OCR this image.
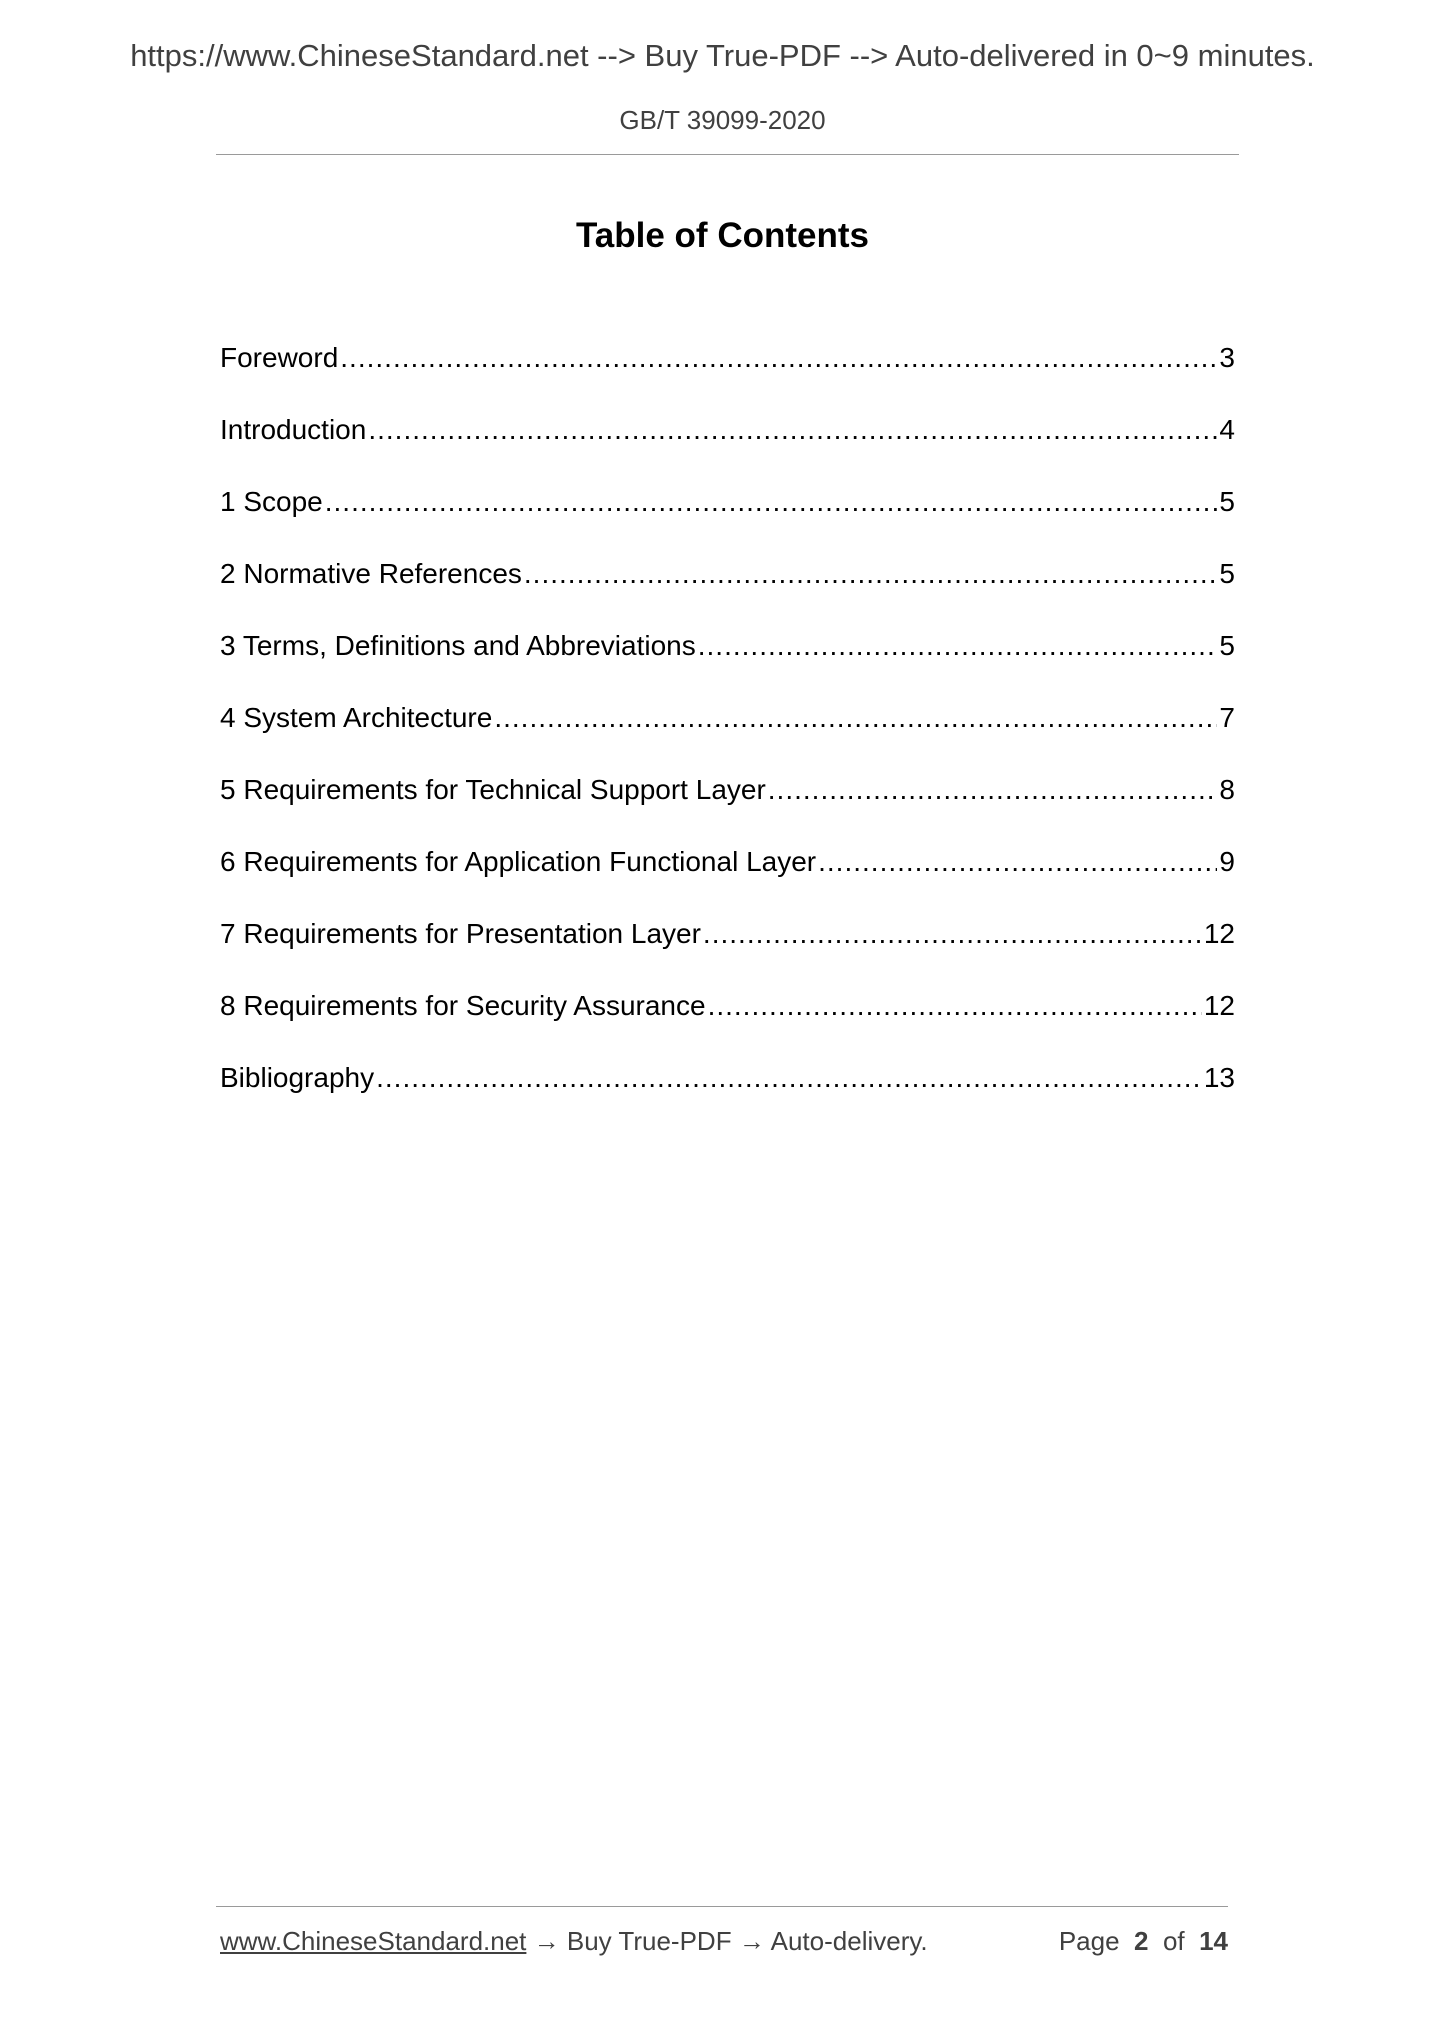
https://www.ChineseStandard.net --> Buy True-PDF --> Auto-delivered in 0~9 minutes.
GB/T 39099-2020
Table of Contents
Foreword .....	3
Introduction .....	4
1 Scope .....	5
2 Normative References .....	5
3 Terms, Definitions and Abbreviations .....	5
4 System Architecture .....	7
5 Requirements for Technical Support Layer .....	8
6 Requirements for Application Functional Layer .....	9
7 Requirements for Presentation Layer .....	12
8 Requirements for Security Assurance .....	12
Bibliography .....	13
www.ChineseStandard.net → Buy True-PDF → Auto-delivery.	Page 2 of 14
